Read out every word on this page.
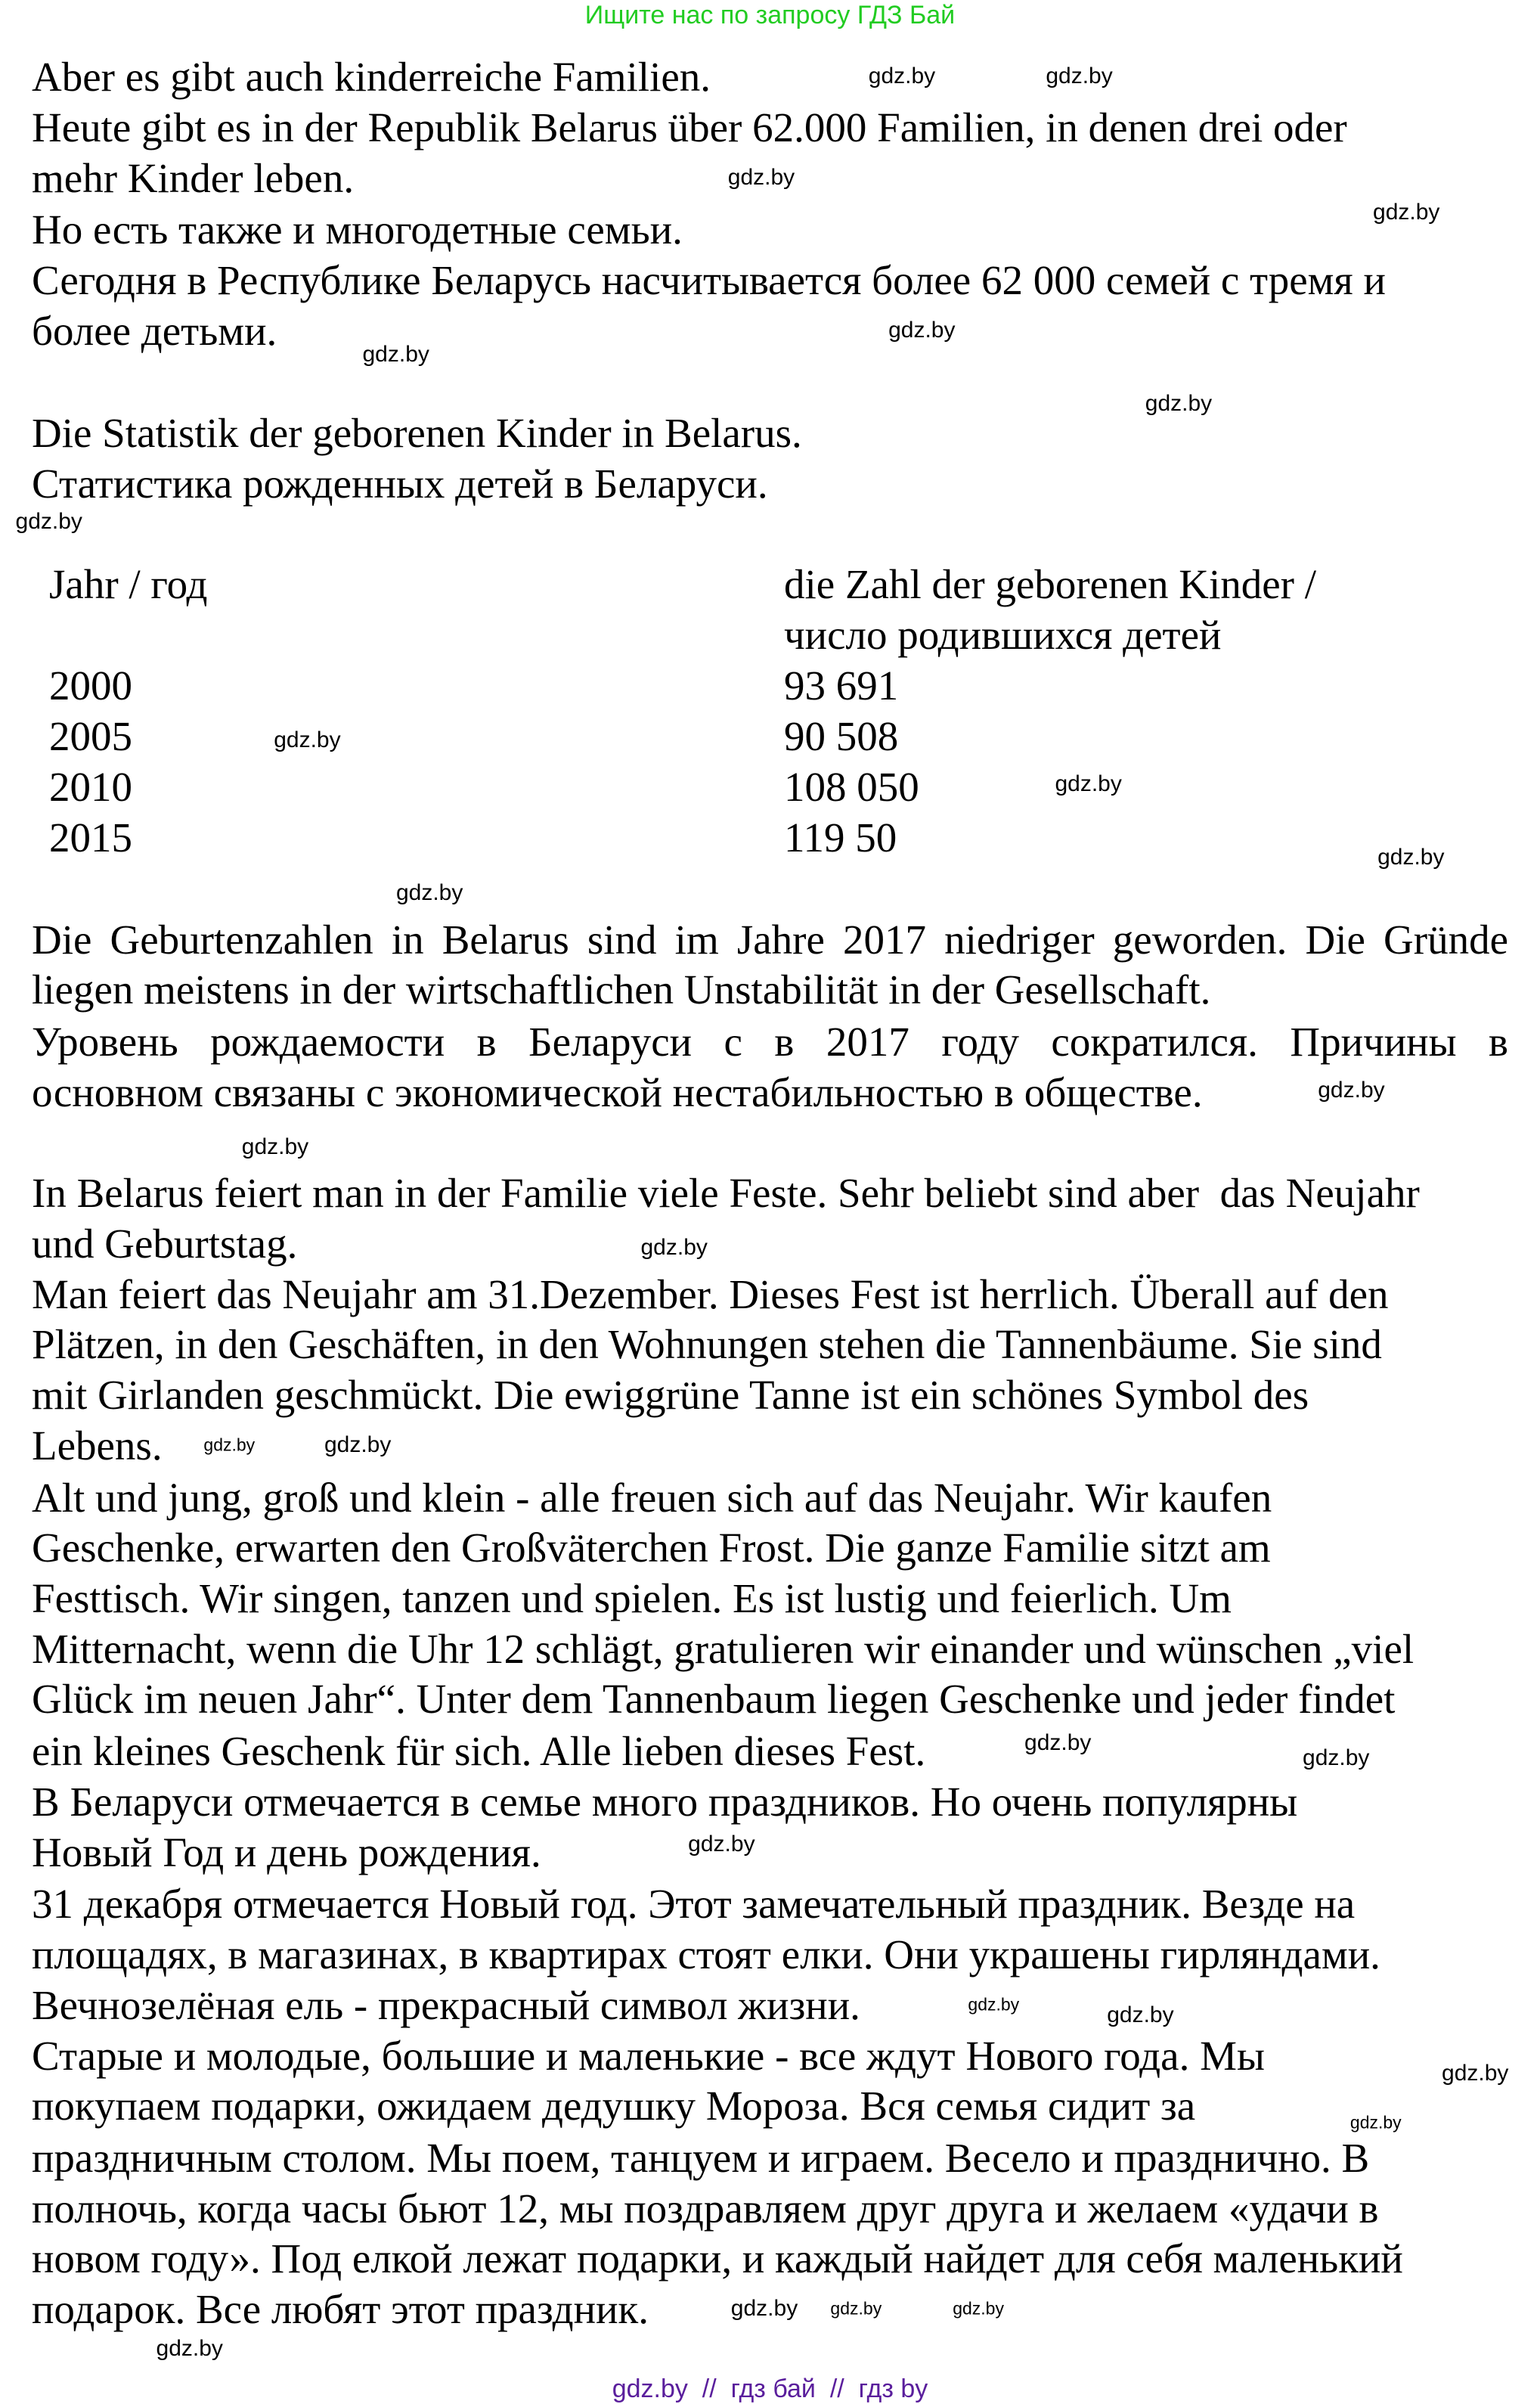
Ищите нас по запросу ГДЗ Бай
Aber es gibt auch kinderreiche Familien.
Heute gibt es in der Republik Belarus über 62.000 Familien, in denen drei oder
mehr Kinder leben.
Но есть также и многодетные семьи.
Сегодня в Республике Беларусь насчитывается более 62 000 семей с тремя и
более детьми.
Die Statistik der geborenen Kinder in Belarus.
Статистика рожденных детей в Беларуси.
Jahr / год	die Zahl der geborenen Kinder /
число родившихся детей
2000	93 691
2005	90 508
2010	108 050
2015	119 50
Die Geburtenzahlen in Belarus sind im Jahre 2017 niedriger geworden. Die Gründe
liegen meistens in der wirtschaftlichen Unstabilität in der Gesellschaft.
Уровень рождаемости в Беларуси с в 2017 году сократился. Причины в
основном связаны с экономической нестабильностью в обществе.
In Belarus feiert man in der Familie viele Feste. Sehr beliebt sind aber  das Neujahr
und Geburtstag.
Man feiert das Neujahr am 31.Dezember. Dieses Fest ist herrlich. Überall auf den
Plätzen, in den Geschäften, in den Wohnungen stehen die Tannenbäume. Sie sind
mit Girlanden geschmückt. Die ewiggrüne Tanne ist ein schönes Symbol des
Lebens.
Alt und jung, groß und klein - alle freuen sich auf das Neujahr. Wir kaufen
Geschenke, erwarten den Großväterchen Frost. Die ganze Familie sitzt am
Festtisch. Wir singen, tanzen und spielen. Es ist lustig und feierlich. Um
Mitternacht, wenn die Uhr 12 schlägt, gratulieren wir einander und wünschen „viel
Glück im neuen Jahr“. Unter dem Tannenbaum liegen Geschenke und jeder findet
ein kleines Geschenk für sich. Alle lieben dieses Fest.
В Беларуси отмечается в семье много праздников. Но очень популярны
Новый Год и день рождения.
31 декабря отмечается Новый год. Этот замечательный праздник. Везде на
площадях, в магазинах, в квартирах стоят елки. Они украшены гирляндами.
Вечнозелёная ель - прекрасный символ жизни.
Старые и молодые, большие и маленькие - все ждут Нового года. Мы
покупаем подарки, ожидаем дедушку Мороза. Вся семья сидит за
праздничным столом. Мы поем, танцуем и играем. Весело и празднично. В
полночь, когда часы бьют 12, мы поздравляем друг друга и желаем «удачи в
новом году». Под елкой лежат подарки, и каждый найдет для себя маленький
подарок. Все любят этот праздник.
gdz.by	gdz.by
gdz.by
gdz.by
gdz.by
gdz.by
gdz.by
gdz.by
gdz.by
gdz.by
gdz.by
gdz.by
gdz.by
gdz.by
gdz.by
gdz.by	gdz.by
gdz.by
gdz.by
gdz.by
gdz.by
gdz.by
gdz.by
gdz.by
gdz.by	gdz.by
gdz.by
gdz.by
gdz.by  //  гдз бай  //  гдз by
